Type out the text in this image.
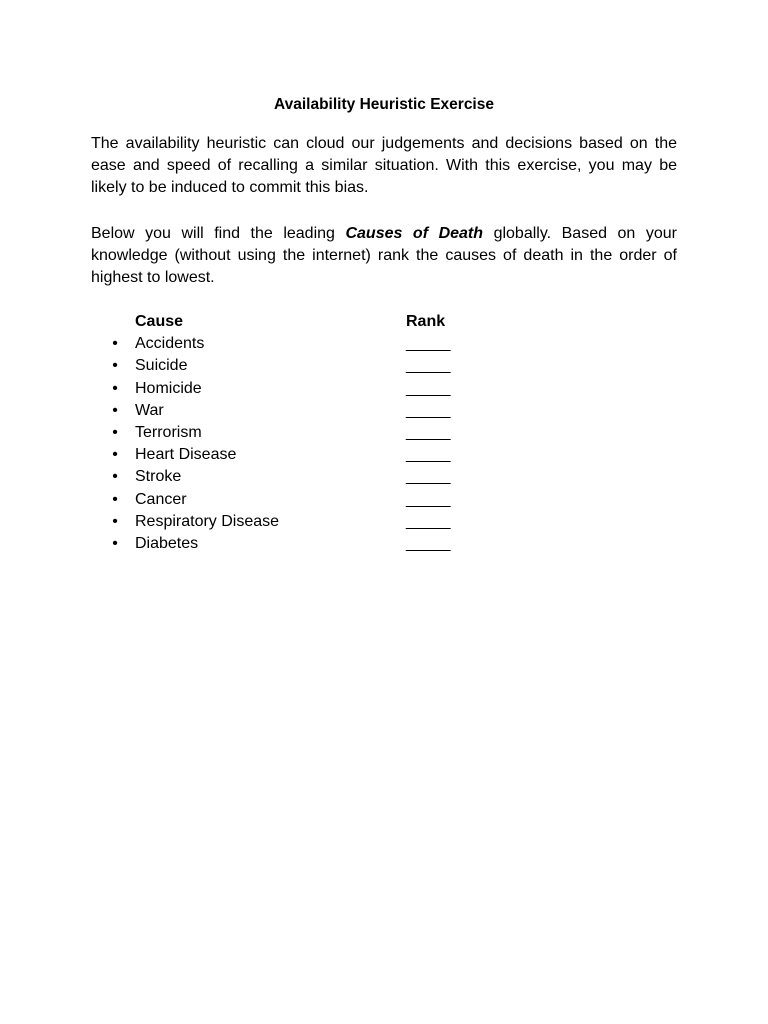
Availability Heuristic Exercise
The availability heuristic can cloud our judgements and decisions based on the ease and speed of recalling a similar situation. With this exercise, you may be likely to be induced to commit this bias.
Below you will find the leading Causes of Death globally. Based on your knowledge (without using the internet) rank the causes of death in the order of highest to lowest.
Cause	Rank
• Accidents	_____
• Suicide	_____
• Homicide	_____
• War	_____
• Terrorism	_____
• Heart Disease	_____
• Stroke	_____
• Cancer	_____
• Respiratory Disease	_____
• Diabetes	_____
